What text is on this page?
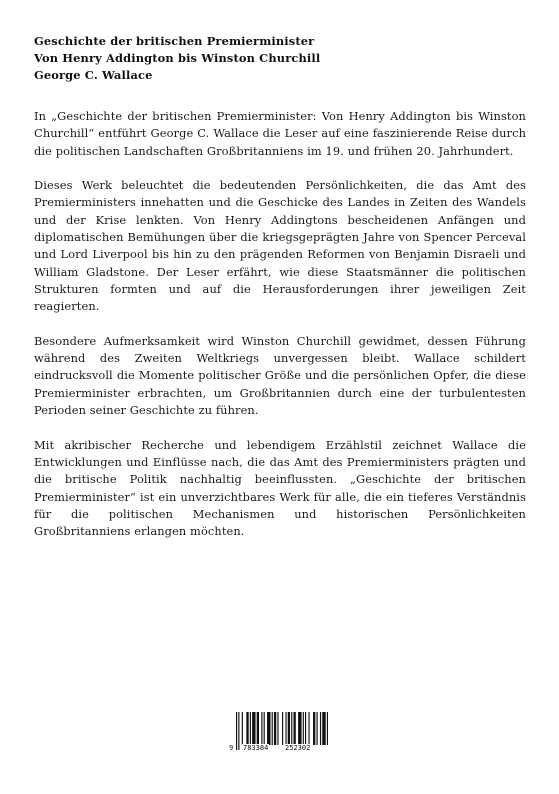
Geschichte der britischen Premierminister
Von Henry Addington bis Winston Churchill
George C. Wallace

In „Geschichte der britischen Premierminister: Von Henry Addington bis Winston Churchill“ entführt George C. Wallace die Leser auf eine faszinierende Reise durch die politischen Landschaften Großbritanniens im 19. und frühen 20. Jahrhundert.

Dieses Werk beleuchtet die bedeutenden Persönlichkeiten, die das Amt des Premierministers innehatten und die Geschicke des Landes in Zeiten des Wandels und der Krise lenkten. Von Henry Addingtons bescheidenen Anfängen und diplomatischen Bemühungen über die kriegsgeprägten Jahre von Spencer Perceval und Lord Liverpool bis hin zu den prägenden Reformen von Benjamin Disraeli und William Gladstone. Der Leser erfährt, wie diese Staatsmänner die politischen Strukturen formten und auf die Herausforderungen ihrer jeweiligen Zeit reagierten.

Besondere Aufmerksamkeit wird Winston Churchill gewidmet, dessen Führung während des Zweiten Weltkriegs unvergessen bleibt. Wallace schildert eindrucksvoll die Momente politischer Größe und die persönlichen Opfer, die diese Premierminister erbrachten, um Großbritannien durch eine der turbulentesten Perioden seiner Geschichte zu führen.

Mit akribischer Recherche und lebendigem Erzählstil zeichnet Wallace die Entwicklungen und Einflüsse nach, die das Amt des Premierministers prägten und die britische Politik nachhaltig beeinflussten. „Geschichte der britischen Premierminister“ ist ein unverzichtbares Werk für alle, die ein tieferes Verständnis für die politischen Mechanismen und historischen Persönlichkeiten Großbritanniens erlangen möchten.

9 783384 252302
